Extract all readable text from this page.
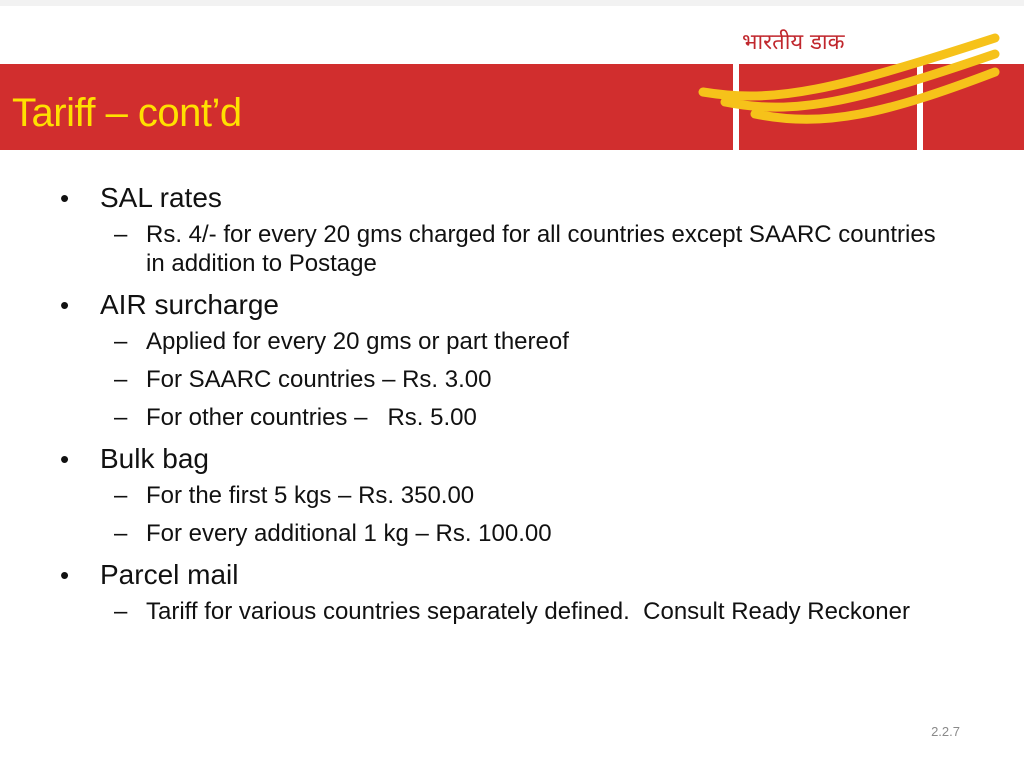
Tariff – cont’d
भारतीय डाक
• SAL rates
– Rs. 4/- for every 20 gms charged for all countries except SAARC countries in addition to Postage
• AIR surcharge
– Applied for every 20 gms or part thereof
– For SAARC countries – Rs. 3.00
– For other countries –   Rs. 5.00
• Bulk bag
– For the first 5 kgs – Rs. 350.00
– For every additional 1 kg – Rs. 100.00
• Parcel mail
– Tariff for various countries separately defined.  Consult Ready Reckoner
2.2.7
